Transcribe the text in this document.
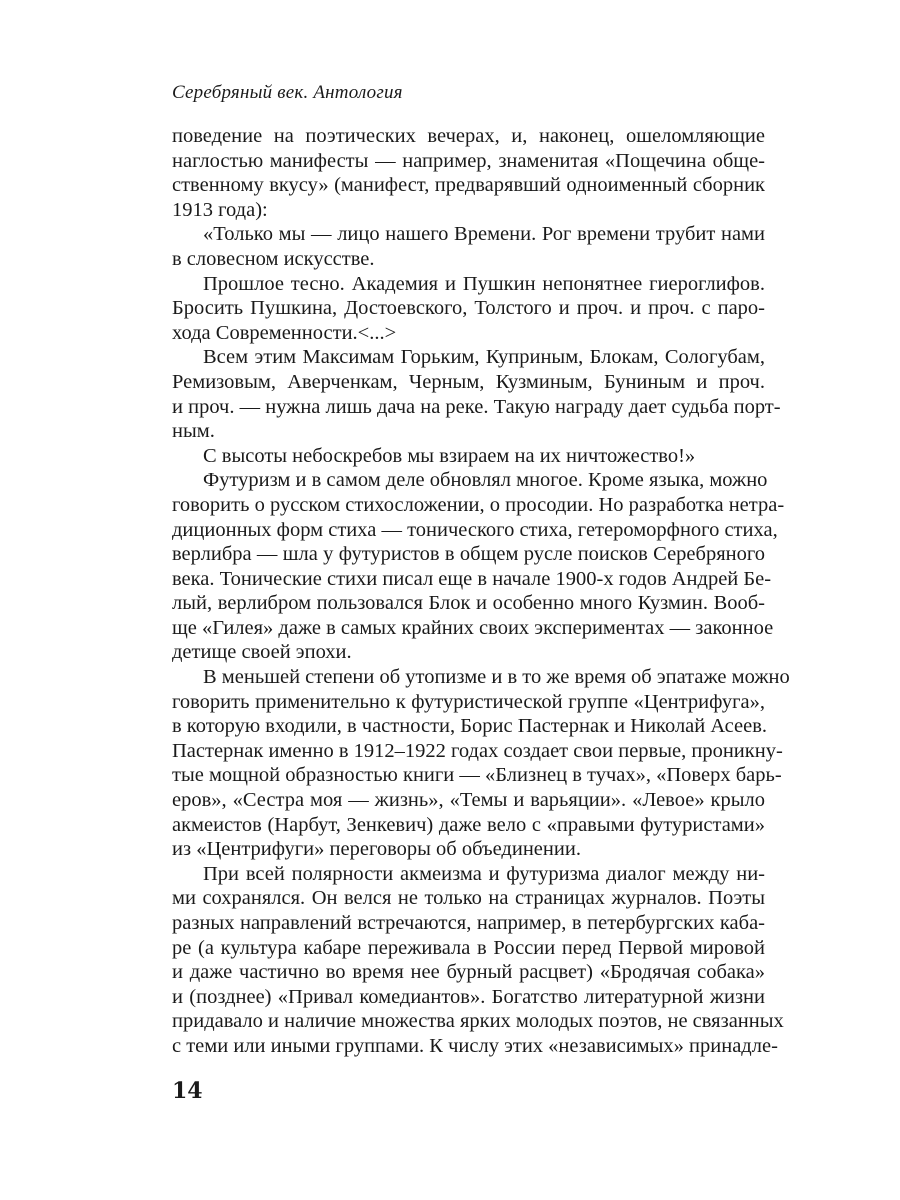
Серебряный век. Антология
поведение на поэтических вечерах, и, наконец, ошеломляющие
наглостью манифесты — например, знаменитая «Пощечина обще-
ственному вкусу» (манифест, предварявший одноименный сборник
1913 года):
«Только мы — лицо нашего Времени. Рог времени трубит нами
в словесном искусстве.
Прошлое тесно. Академия и Пушкин непонятнее гиероглифов.
Бросить Пушкина, Достоевского, Толстого и проч. и проч. с паро-
хода Современности.<...>
Всем этим Максимам Горьким, Куприным, Блокам, Сологубам,
Ремизовым, Аверченкам, Черным, Кузминым, Буниным и проч.
и проч. — нужна лишь дача на реке. Такую награду дает судьба порт-
ным.
С высоты небоскребов мы взираем на их ничтожество!»
Футуризм и в самом деле обновлял многое. Кроме языка, можно
говорить о русском стихосложении, о просодии. Но разработка нетра-
диционных форм стиха — тонического стиха, гетероморфного стиха,
верлибра — шла у футуристов в общем русле поисков Серебряного
века. Тонические стихи писал еще в начале 1900-х годов Андрей Бе-
лый, верлибром пользовался Блок и особенно много Кузмин. Вооб-
ще «Гилея» даже в самых крайних своих экспериментах — законное
детище своей эпохи.
В меньшей степени об утопизме и в то же время об эпатаже можно
говорить применительно к футуристической группе «Центрифуга»,
в которую входили, в частности, Борис Пастернак и Николай Асеев.
Пастернак именно в 1912–1922 годах создает свои первые, проникну-
тые мощной образностью книги — «Близнец в тучах», «Поверх барь-
еров», «Сестра моя — жизнь», «Темы и варьяции». «Левое» крыло
акмеистов (Нарбут, Зенкевич) даже вело с «правыми футуристами»
из «Центрифуги» переговоры об объединении.
При всей полярности акмеизма и футуризма диалог между ни-
ми сохранялся. Он велся не только на страницах журналов. Поэты
разных направлений встречаются, например, в петербургских каба-
ре (а культура кабаре переживала в России перед Первой мировой
и даже частично во время нее бурный расцвет) «Бродячая собака»
и (позднее) «Привал комедиантов». Богатство литературной жизни
придавало и наличие множества ярких молодых поэтов, не связанных
с теми или иными группами. К числу этих «независимых» принадле-
14
